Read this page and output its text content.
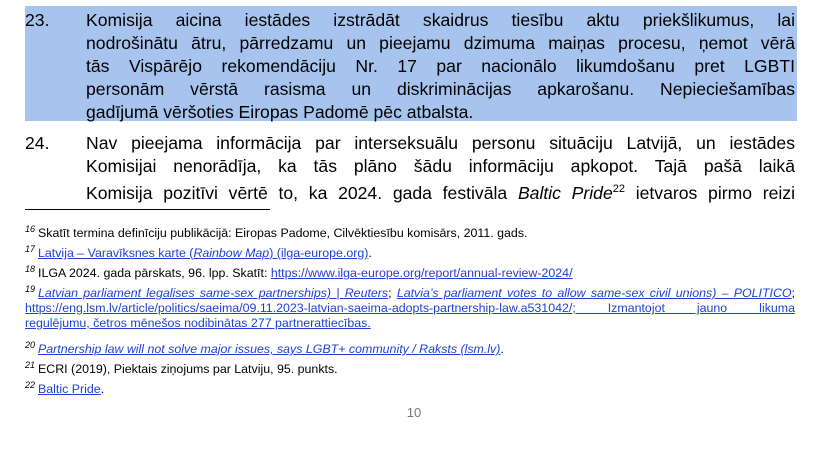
23. Komisija aicina iestādes izstrādāt skaidrus tiesību aktu priekšlikumus, lai
nodrošinātu ātru, pārredzamu un pieejamu dzimuma maiņas procesu, ņemot vērā
tās Vispārējo rekomendāciju Nr. 17 par nacionālo likumdošanu pret LGBTI
personām vērstā rasisma un diskriminācijas apkarošanu. Nepieciešamības
gadījumā vēršoties Eiropas Padomē pēc atbalsta.
24. Nav pieejama informācija par interseksuālu personu situāciju Latvijā, un iestādes
Komisijai nenorādīja, ka tās plāno šādu informāciju apkopot. Tajā pašā laikā
Komisija pozitīvi vērtē to, ka 2024. gada festivāla Baltic Pride$^{22}$ ietvaros pirmo reizi
$^{16}$ Skatīt termina definīciju publikācijā: Eiropas Padome, Cilvēktiesību komisārs, 2011. gads.
$^{17}$ Latvija – Varavīksnes karte (Rainbow Map) (ilga-europe.org).
$^{18}$ ILGA 2024. gada pārskats, 96. lpp. Skatīt: https://www.ilga-europe.org/report/annual-review-2024/
$^{19}$ Latvian parliament legalises same-sex partnerships) | Reuters; Latvia’s parliament votes to allow same-sex civil unions) – POLITICO;
https://eng.lsm.lv/article/politics/saeima/09.11.2023-latvian-saeima-adopts-partnership-law.a531042/; Izmantojot jauno likuma
regulējumu, četros mēnešos nodibinātas 277 partnerattiecības.
$^{20}$ Partnership law will not solve major issues, says LGBT+ community / Raksts (lsm.lv).
$^{21}$ ECRI (2019), Piektais ziņojums par Latviju, 95. punkts.
$^{22}$ Baltic Pride.
10
